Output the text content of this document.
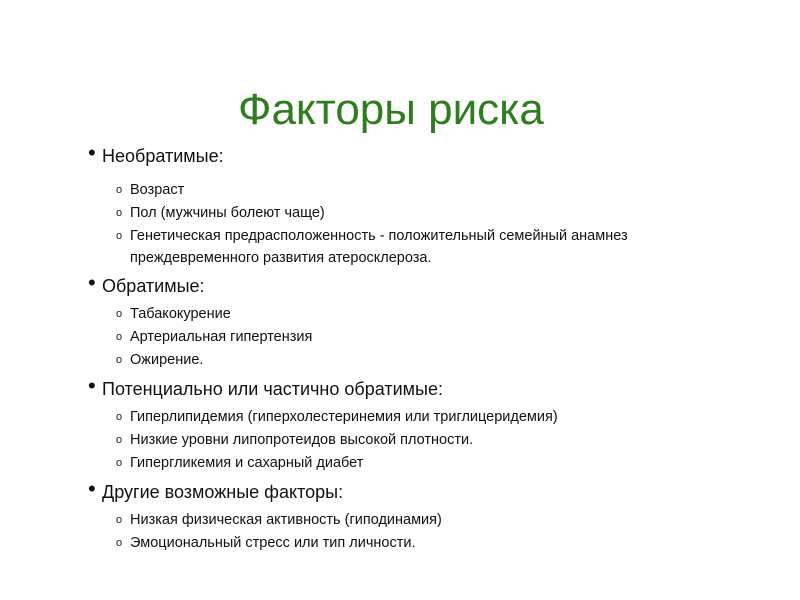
Факторы риска
• Необратимые:
o Возраст
o Пол (мужчины болеют чаще)
o Генетическая предрасположенность - положительный семейный анамнез преждевременного развития атеросклероза.
• Обратимые:
o Табакокурение
o Артериальная гипертензия
o Ожирение.
• Потенциально или частично обратимые:
o Гиперлипидемия (гиперхолестеринемия или триглицеридемия)
o Низкие уровни липопротеидов высокой плотности.
o Гипергликемия и сахарный диабет
• Другие возможные факторы:
o Низкая физическая активность (гиподинамия)
o Эмоциональный стресс или тип личности.
